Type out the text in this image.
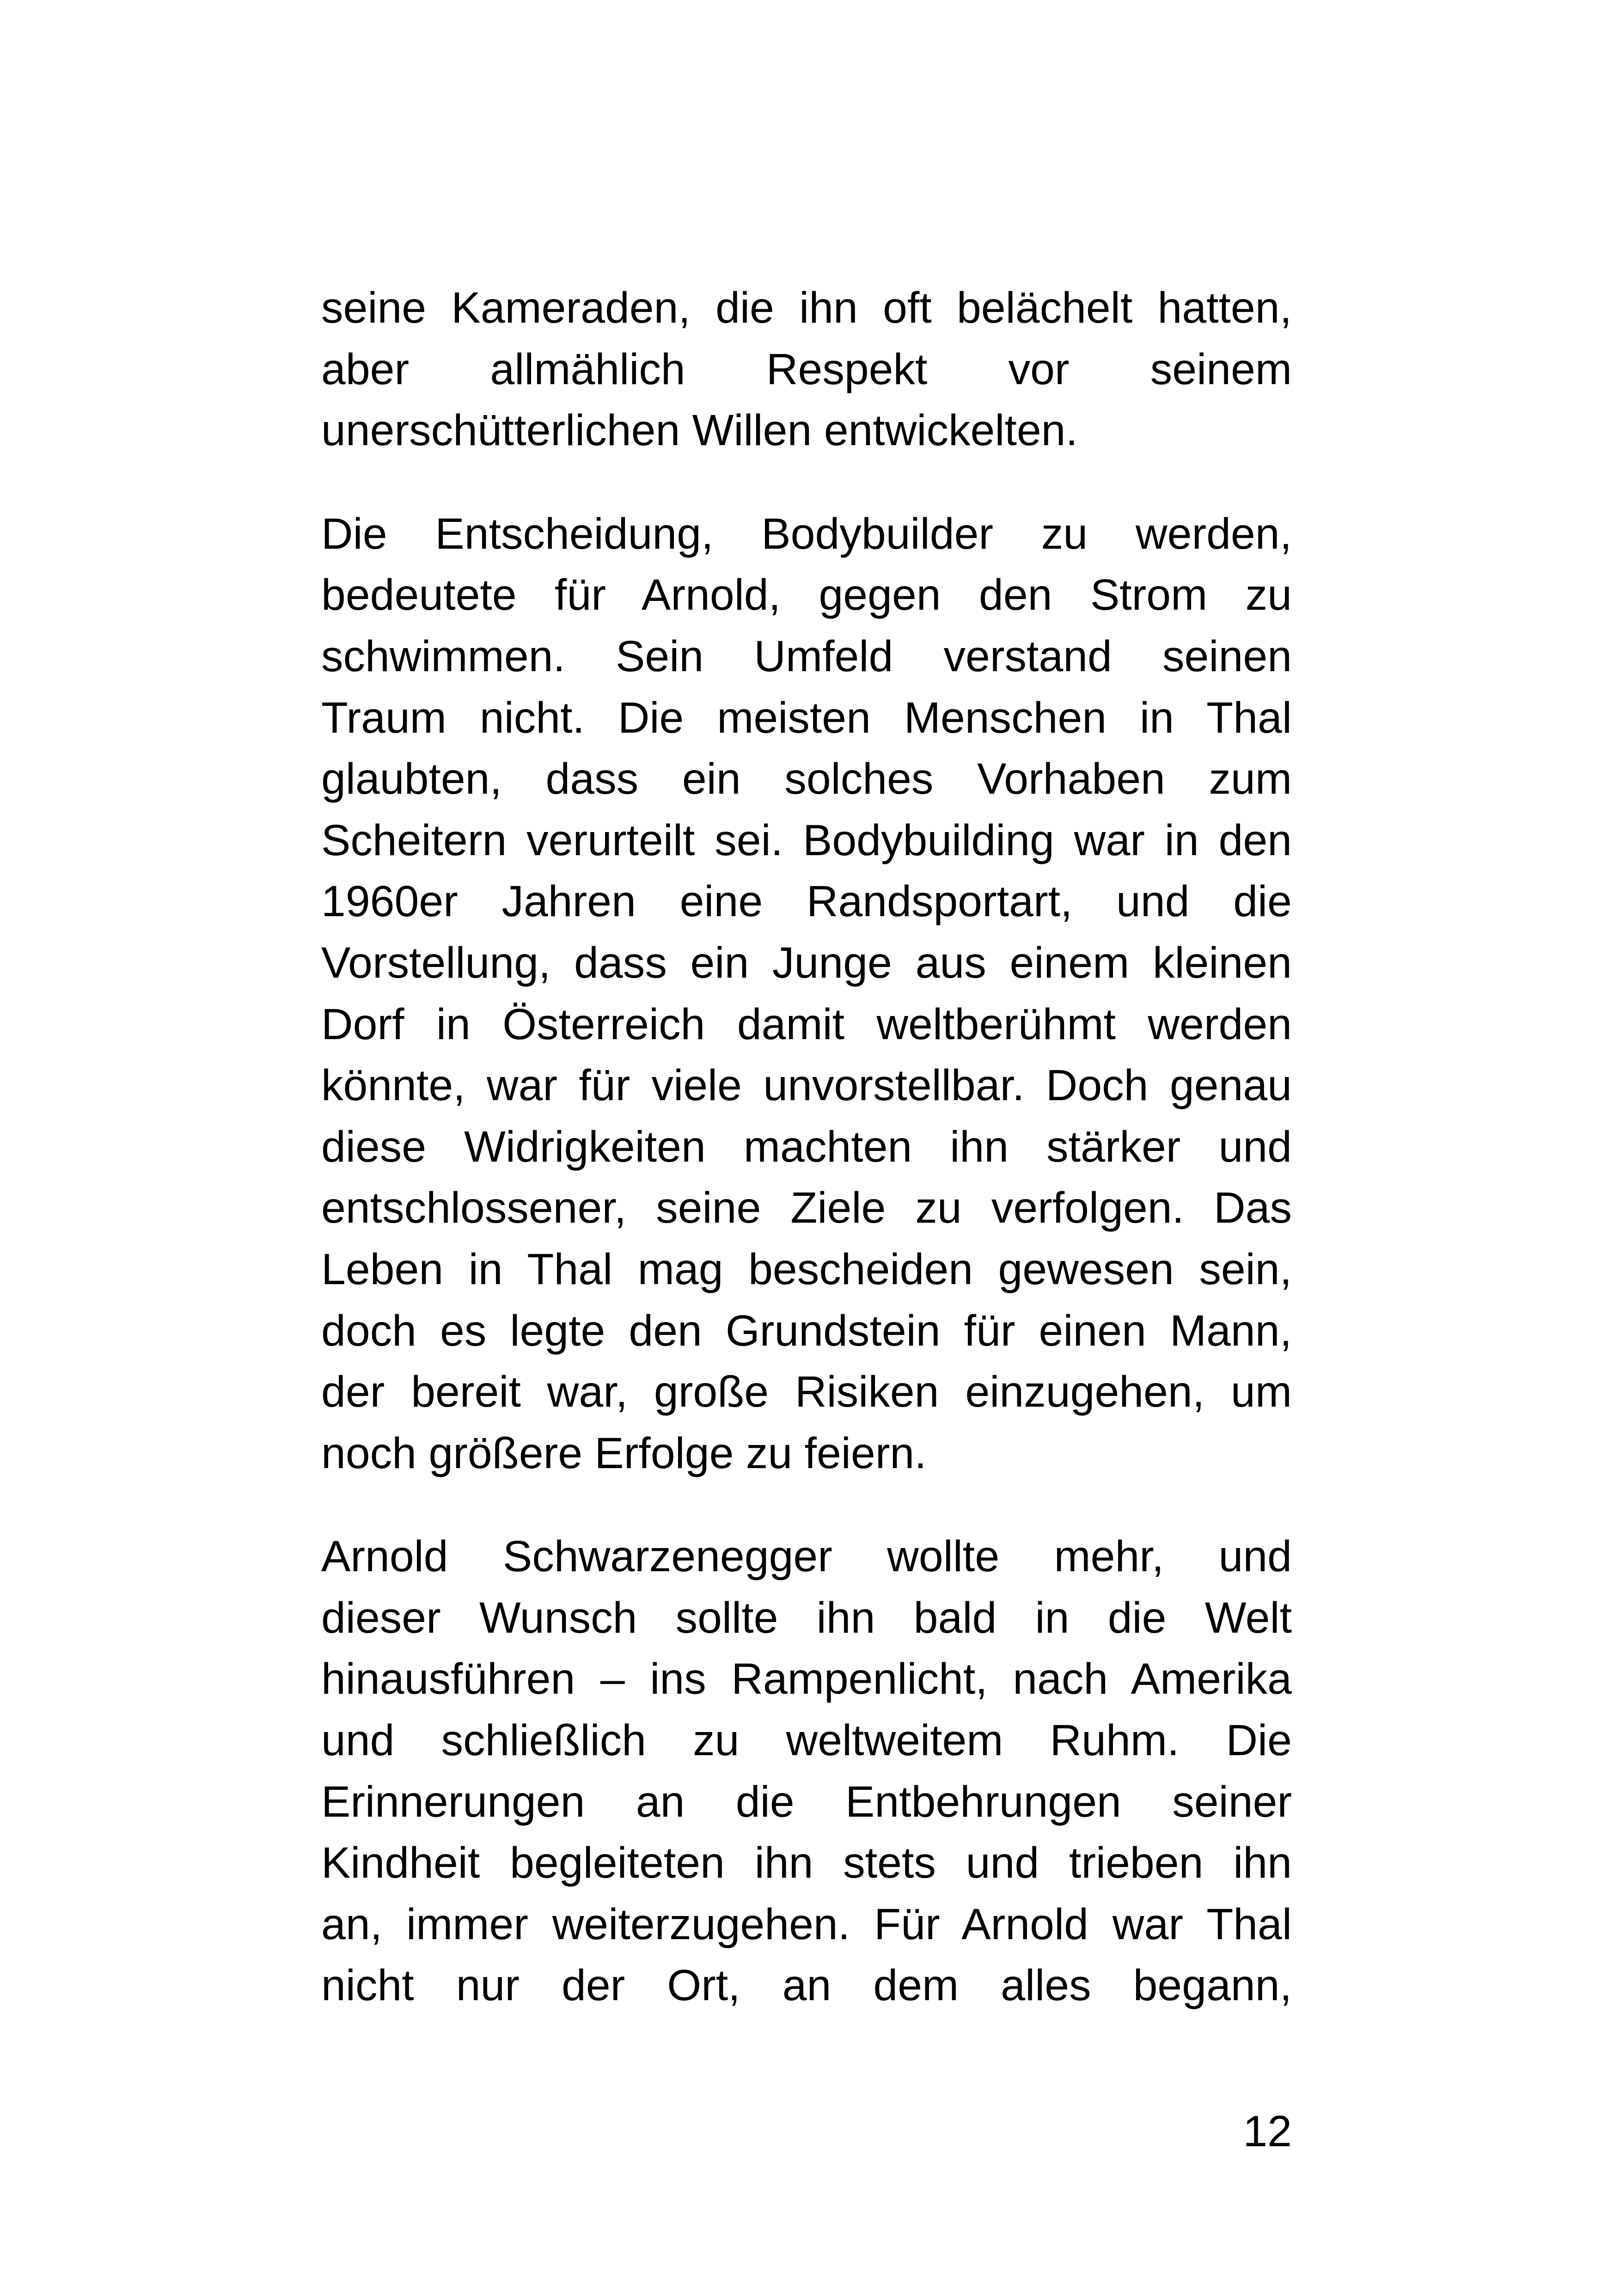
seine Kameraden, die ihn oft belächelt hatten,
aber allmählich Respekt vor seinem
unerschütterlichen Willen entwickelten.

Die Entscheidung, Bodybuilder zu werden,
bedeutete für Arnold, gegen den Strom zu
schwimmen. Sein Umfeld verstand seinen
Traum nicht. Die meisten Menschen in Thal
glaubten, dass ein solches Vorhaben zum
Scheitern verurteilt sei. Bodybuilding war in den
1960er Jahren eine Randsportart, und die
Vorstellung, dass ein Junge aus einem kleinen
Dorf in Österreich damit weltberühmt werden
könnte, war für viele unvorstellbar. Doch genau
diese Widrigkeiten machten ihn stärker und
entschlossener, seine Ziele zu verfolgen. Das
Leben in Thal mag bescheiden gewesen sein,
doch es legte den Grundstein für einen Mann,
der bereit war, große Risiken einzugehen, um
noch größere Erfolge zu feiern.

Arnold Schwarzenegger wollte mehr, und
dieser Wunsch sollte ihn bald in die Welt
hinausführen – ins Rampenlicht, nach Amerika
und schließlich zu weltweitem Ruhm. Die
Erinnerungen an die Entbehrungen seiner
Kindheit begleiteten ihn stets und trieben ihn
an, immer weiterzugehen. Für Arnold war Thal
nicht nur der Ort, an dem alles begann,

12
